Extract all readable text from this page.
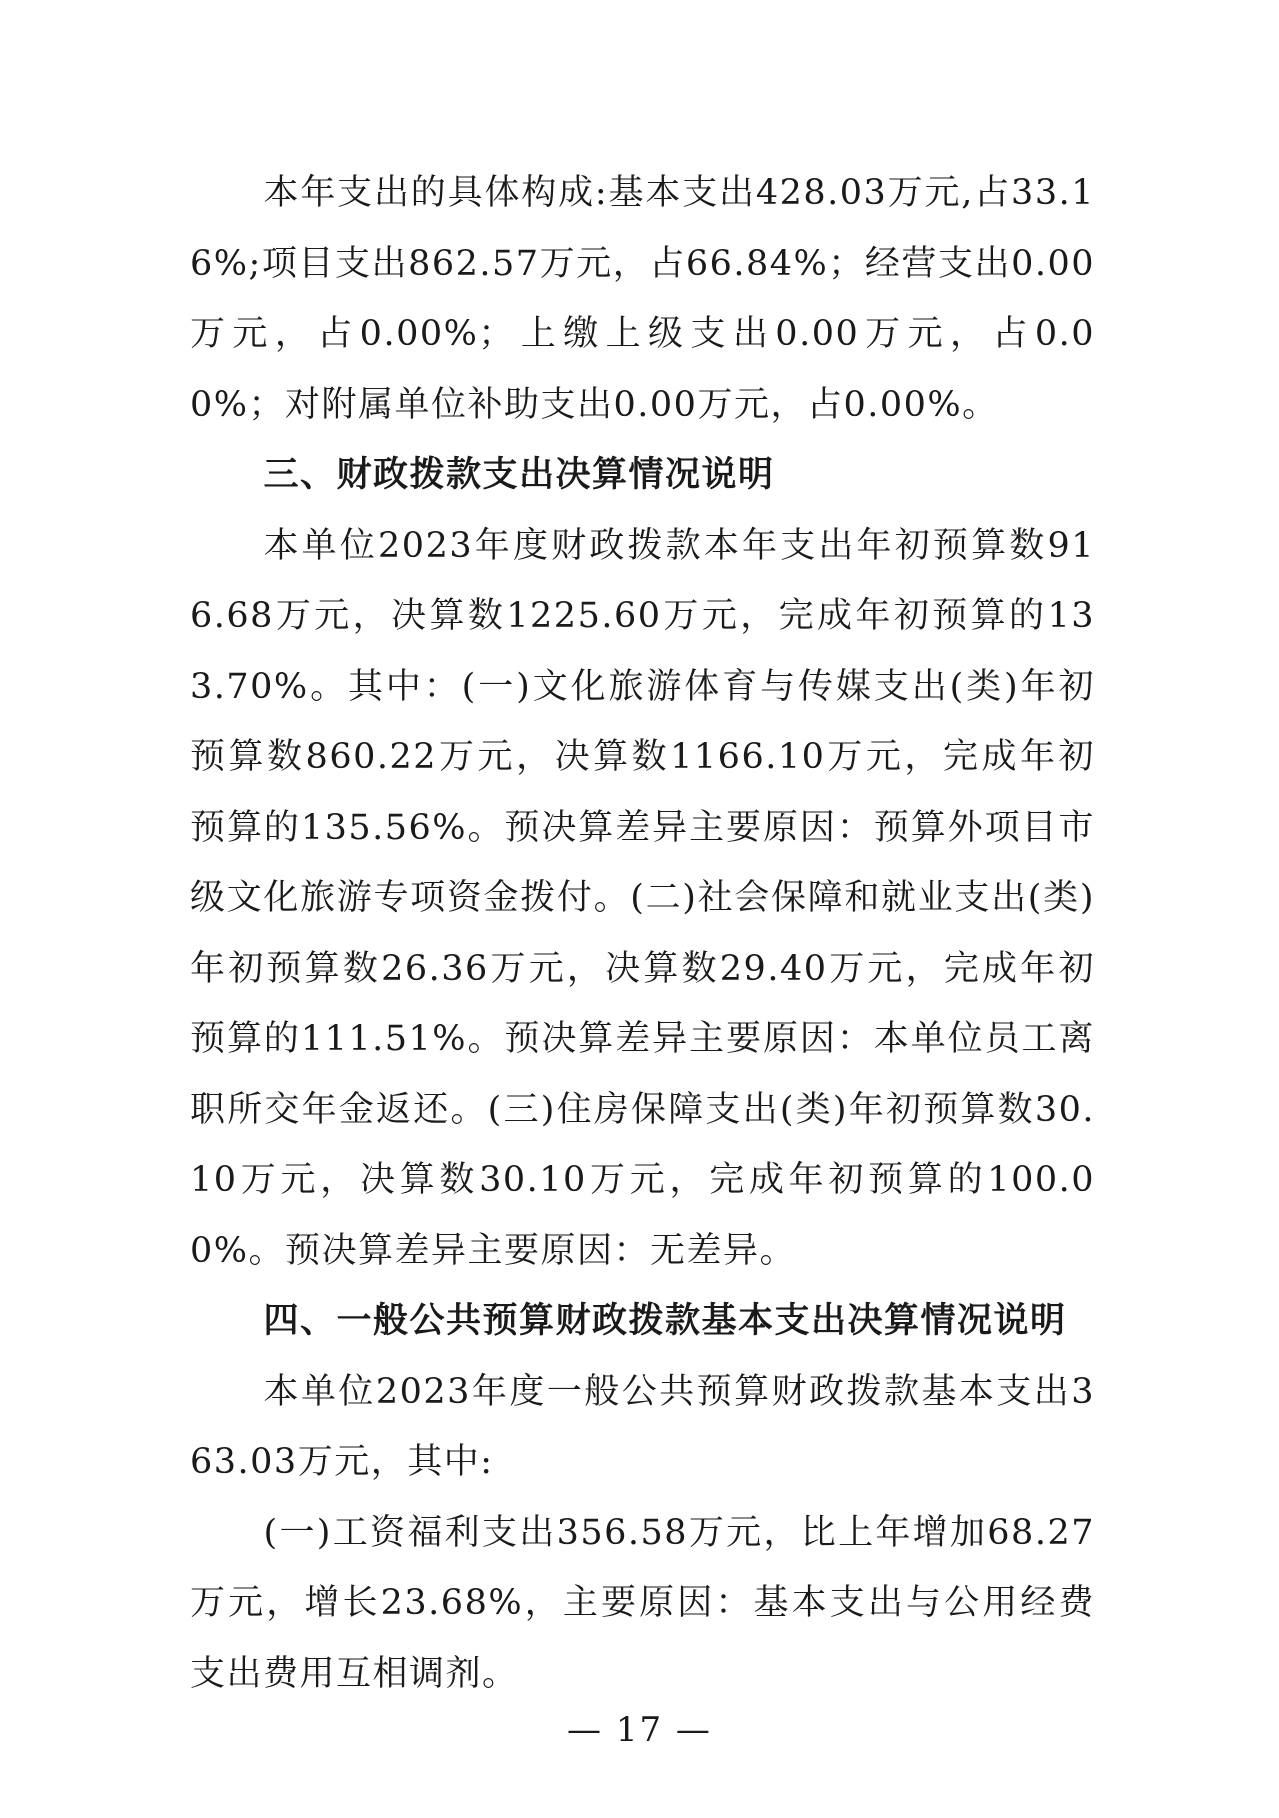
本年支出的具体构成:基本支出428.03万元,占33.16%;项目支出862.57万元，占66.84%；经营支出0.00万元，占0.00%；上缴上级支出0.00万元，占0.00%；对附属单位补助支出0.00万元，占0.00%。

三、财政拨款支出决算情况说明

本单位2023年度财政拨款本年支出年初预算数916.68万元，决算数1225.60万元，完成年初预算的133.70%。其中：(一)文化旅游体育与传媒支出(类)年初预算数860.22万元，决算数1166.10万元，完成年初预算的135.56%。预决算差异主要原因：预算外项目市级文化旅游专项资金拨付。(二)社会保障和就业支出(类)年初预算数26.36万元，决算数29.40万元，完成年初预算的111.51%。预决算差异主要原因：本单位员工离职所交年金返还。(三)住房保障支出(类)年初预算数30.10万元，决算数30.10万元，完成年初预算的100.00%。预决算差异主要原因：无差异。

四、一般公共预算财政拨款基本支出决算情况说明

本单位2023年度一般公共预算财政拨款基本支出363.03万元，其中:

(一)工资福利支出356.58万元，比上年增加68.27万元，增长23.68%，主要原因：基本支出与公用经费支出费用互相调剂。

— 17 —
